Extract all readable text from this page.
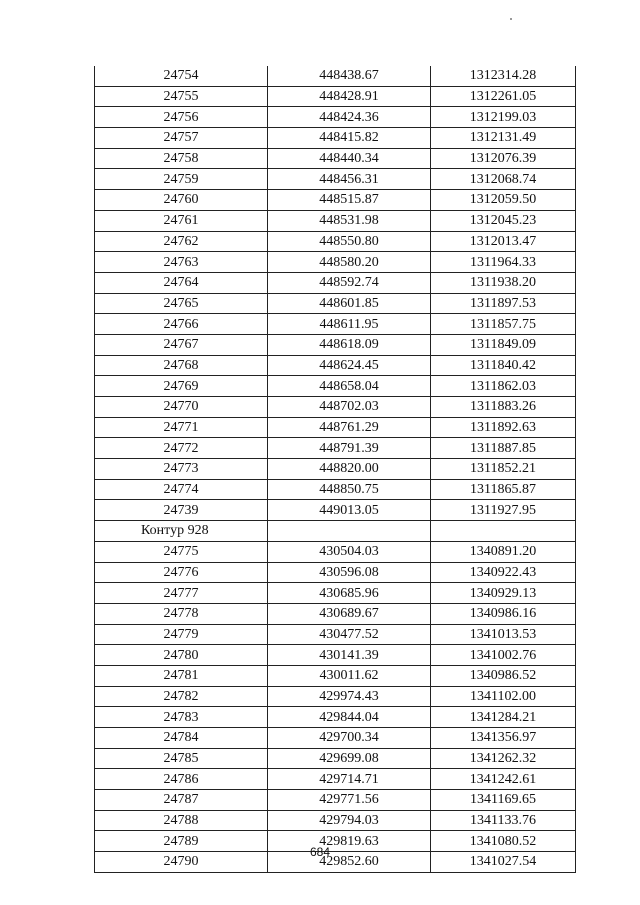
24754	448438.67	1312314.28
24755	448428.91	1312261.05
24756	448424.36	1312199.03
24757	448415.82	1312131.49
24758	448440.34	1312076.39
24759	448456.31	1312068.74
24760	448515.87	1312059.50
24761	448531.98	1312045.23
24762	448550.80	1312013.47
24763	448580.20	1311964.33
24764	448592.74	1311938.20
24765	448601.85	1311897.53
24766	448611.95	1311857.75
24767	448618.09	1311849.09
24768	448624.45	1311840.42
24769	448658.04	1311862.03
24770	448702.03	1311883.26
24771	448761.29	1311892.63
24772	448791.39	1311887.85
24773	448820.00	1311852.21
24774	448850.75	1311865.87
24739	449013.05	1311927.95
Контур 928		
24775	430504.03	1340891.20
24776	430596.08	1340922.43
24777	430685.96	1340929.13
24778	430689.67	1340986.16
24779	430477.52	1341013.53
24780	430141.39	1341002.76
24781	430011.62	1340986.52
24782	429974.43	1341102.00
24783	429844.04	1341284.21
24784	429700.34	1341356.97
24785	429699.08	1341262.32
24786	429714.71	1341242.61
24787	429771.56	1341169.65
24788	429794.03	1341133.76
24789	429819.63	1341080.52
24790	429852.60	1341027.54
684
